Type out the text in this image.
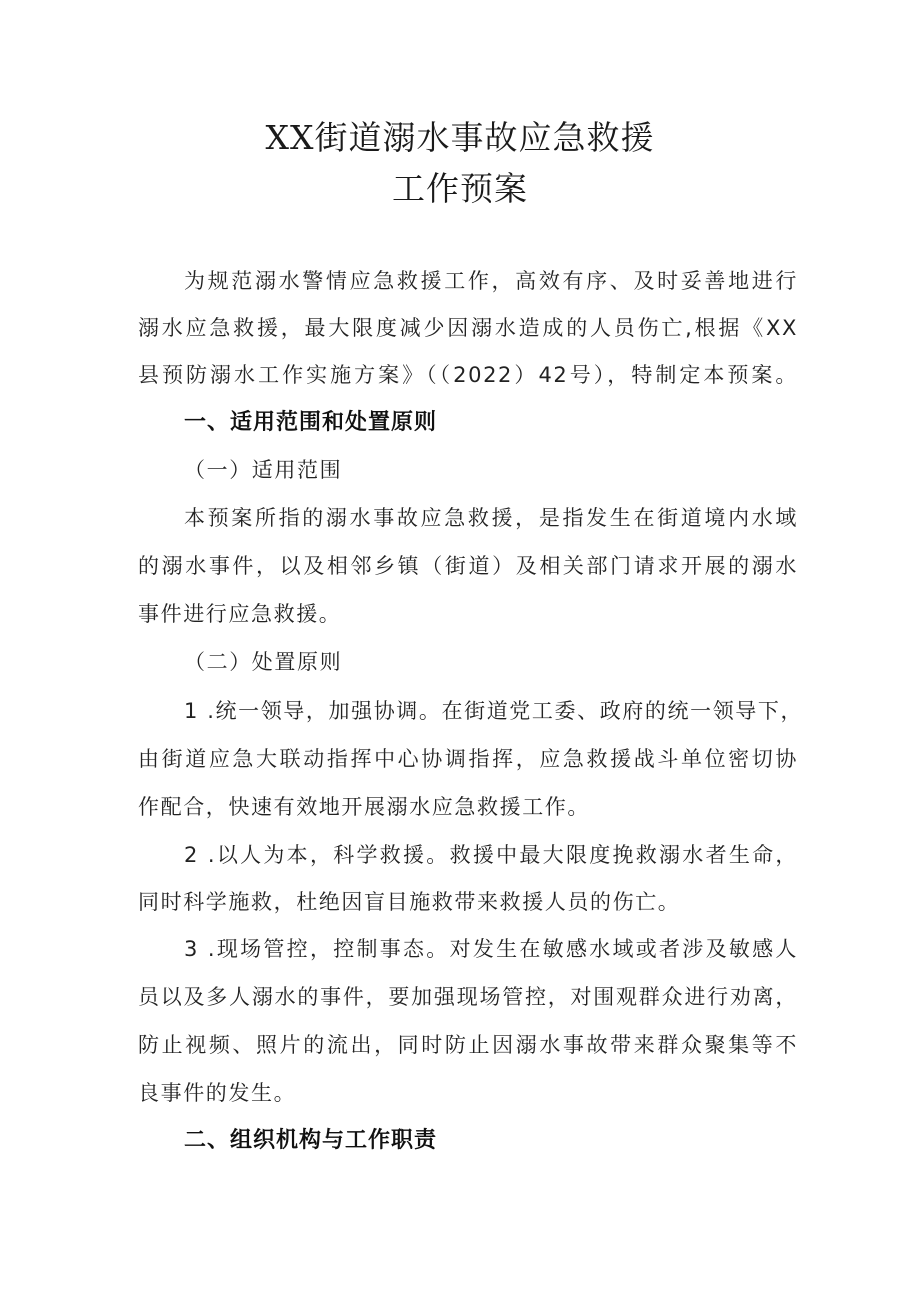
XX街道溺水事故应急救援
工作预案
为规范溺水警情应急救援工作，高效有序、及时妥善地进行
溺水应急救援，最大限度减少因溺水造成的人员伤亡,根据《XX
县预防溺水工作实施方案》（（2022）42号），特制定本预案。
一、适用范围和处置原则
（一）适用范围
本预案所指的溺水事故应急救援，是指发生在街道境内水域
的溺水事件，以及相邻乡镇（街道）及相关部门请求开展的溺水
事件进行应急救援。
（二）处置原则
1 .统一领导，加强协调。在街道党工委、政府的统一领导下，
由街道应急大联动指挥中心协调指挥，应急救援战斗单位密切协
作配合，快速有效地开展溺水应急救援工作。
2 .以人为本，科学救援。救援中最大限度挽救溺水者生命，
同时科学施救，杜绝因盲目施救带来救援人员的伤亡。
3 .现场管控，控制事态。对发生在敏感水域或者涉及敏感人
员以及多人溺水的事件，要加强现场管控，对围观群众进行劝离，
防止视频、照片的流出，同时防止因溺水事故带来群众聚集等不
良事件的发生。
二、组织机构与工作职责
